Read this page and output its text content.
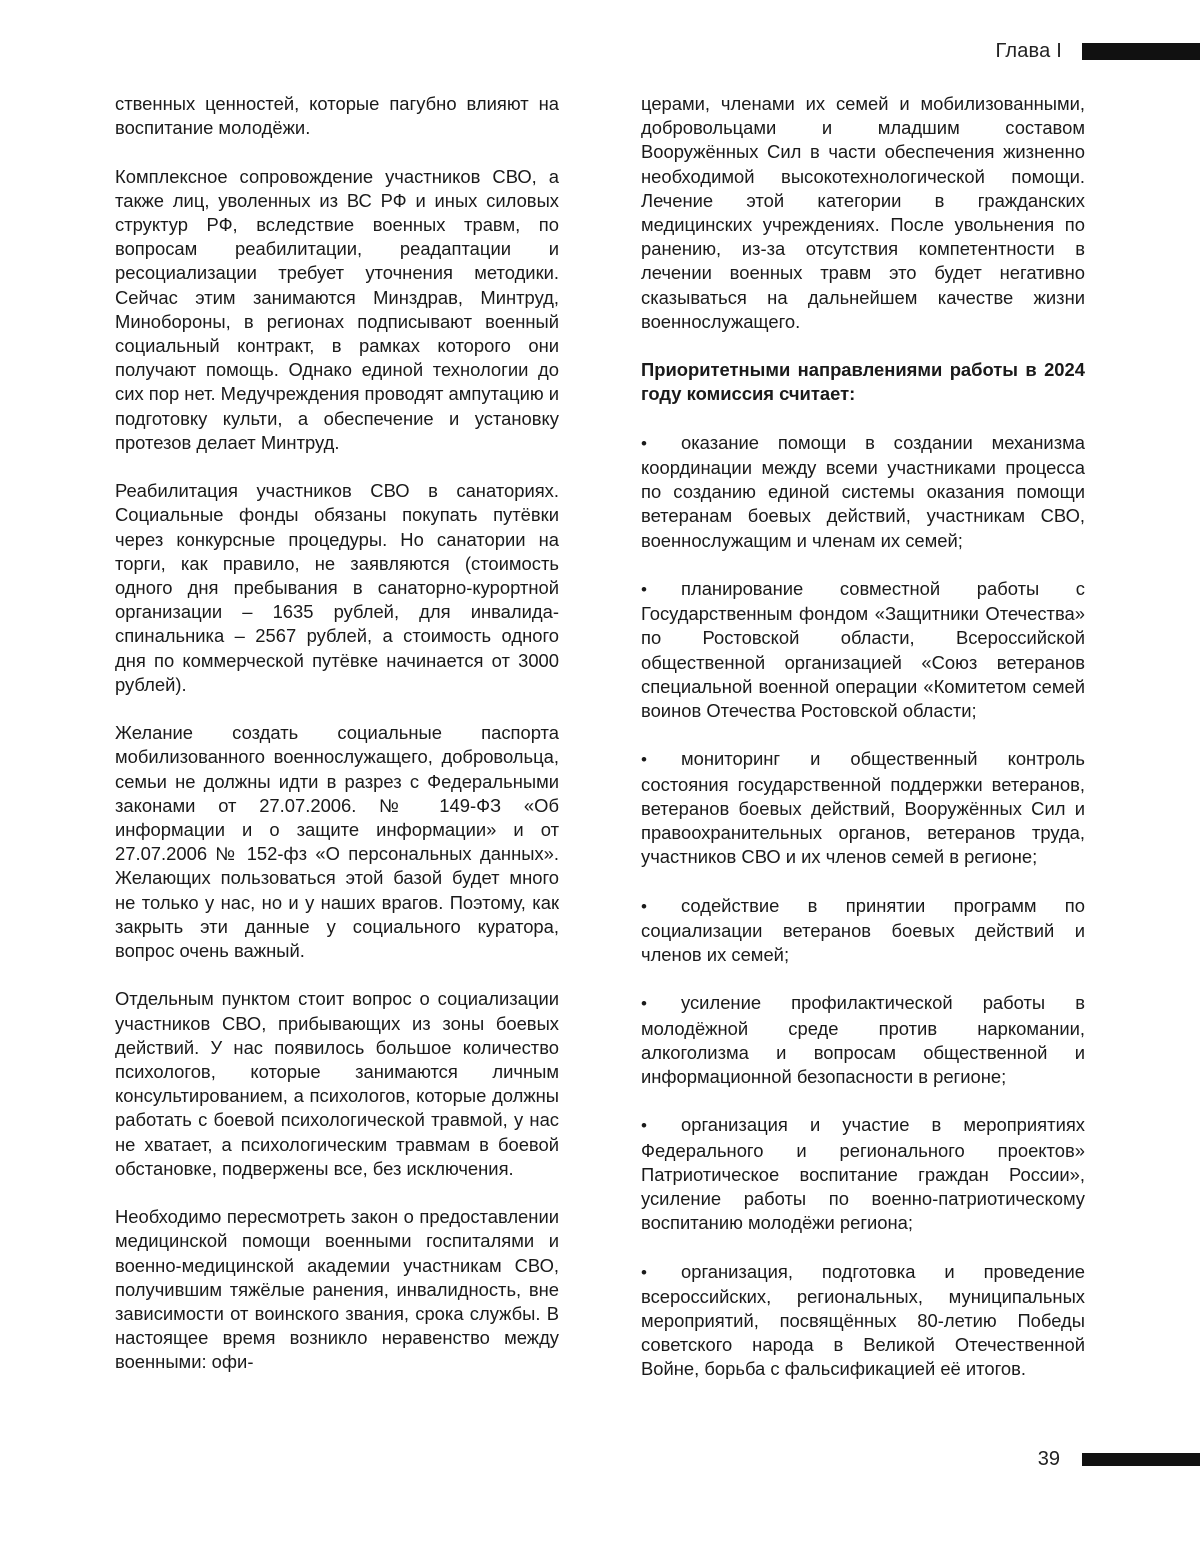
Глава I

ственных ценностей, которые пагубно влияют на воспитание молодёжи.

Комплексное сопровождение участников СВО, а также лиц, уволенных из ВС РФ и иных силовых структур РФ, вследствие военных травм, по вопросам реабилитации, реадаптации и ресоциализации требует уточнения методики. Сейчас этим занимаются Минздрав, Минтруд, Минобороны, в регионах подписывают военный социальный контракт, в рамках которого они получают помощь. Однако единой технологии до сих пор нет. Медучреждения проводят ампутацию и подготовку культи, а обеспечение и установку протезов делает Минтруд.

Реабилитация участников СВО в санаториях. Социальные фонды обязаны покупать путёвки через конкурсные процедуры. Но санатории на торги, как правило, не заявляются (стоимость одного дня пребывания в санаторно-курортной организации – 1635 рублей, для инвалида-спинальника – 2567 рублей, а стоимость одного дня по коммерческой путёвке начинается от 3000 рублей).

Желание создать социальные паспорта мобилизованного военнослужащего, добровольца, семьи не должны идти в разрез с Федеральными законами от 27.07.2006. № 149-ФЗ «Об информации и о защите информации» и от 27.07.2006 № 152-фз «О персональных данных». Желающих пользоваться этой базой будет много не только у нас, но и у наших врагов. Поэтому, как закрыть эти данные у социального куратора, вопрос очень важный.

Отдельным пунктом стоит вопрос о социализации участников СВО, прибывающих из зоны боевых действий. У нас появилось большое количество психологов, которые занимаются личным консультированием, а психологов, которые должны работать с боевой психологической травмой, у нас не хватает, а психологическим травмам в боевой обстановке, подвержены все, без исключения.

Необходимо пересмотреть закон о предоставлении медицинской помощи военными госпиталями и военно-медицинской академии участникам СВО, получившим тяжёлые ранения, инвалидность, вне зависимости от воинского звания, срока службы. В настоящее время возникло неравенство между военными: офи-

церами, членами их семей и мобилизованными, добровольцами и младшим составом Вооружённых Сил в части обеспечения жизненно необходимой высокотехнологической помощи. Лечение этой категории в гражданских медицинских учреждениях. После увольнения по ранению, из-за отсутствия компетентности в лечении военных травм это будет негативно сказываться на дальнейшем качестве жизни военнослужащего.

Приоритетными направлениями работы в 2024 году комиссия считает:

• оказание помощи в создании механизма координации между всеми участниками процесса по созданию единой системы оказания помощи ветеранам боевых действий, участникам СВО, военнослужащим и членам их семей;

• планирование совместной работы с Государственным фондом «Защитники Отечества» по Ростовской области, Всероссийской общественной организацией «Союз ветеранов специальной военной операции «Комитетом семей воинов Отечества Ростовской области;

• мониторинг и общественный контроль состояния государственной поддержки ветеранов, ветеранов боевых действий, Вооружённых Сил и правоохранительных органов, ветеранов труда, участников СВО и их членов семей в регионе;

• содействие в принятии программ по социализации ветеранов боевых действий и членов их семей;

• усиление профилактической работы в молодёжной среде против наркомании, алкоголизма и вопросам общественной и информационной безопасности в регионе;

• организация и участие в мероприятиях Федерального и регионального проектов» Патриотическое воспитание граждан России», усиление работы по военно-патриотическому воспитанию молодёжи региона;

• организация, подготовка и проведение всероссийских, региональных, муниципальных мероприятий, посвящённых 80-летию Победы советского народа в Великой Отечественной Войне, борьба с фальсификацией её итогов.

39
